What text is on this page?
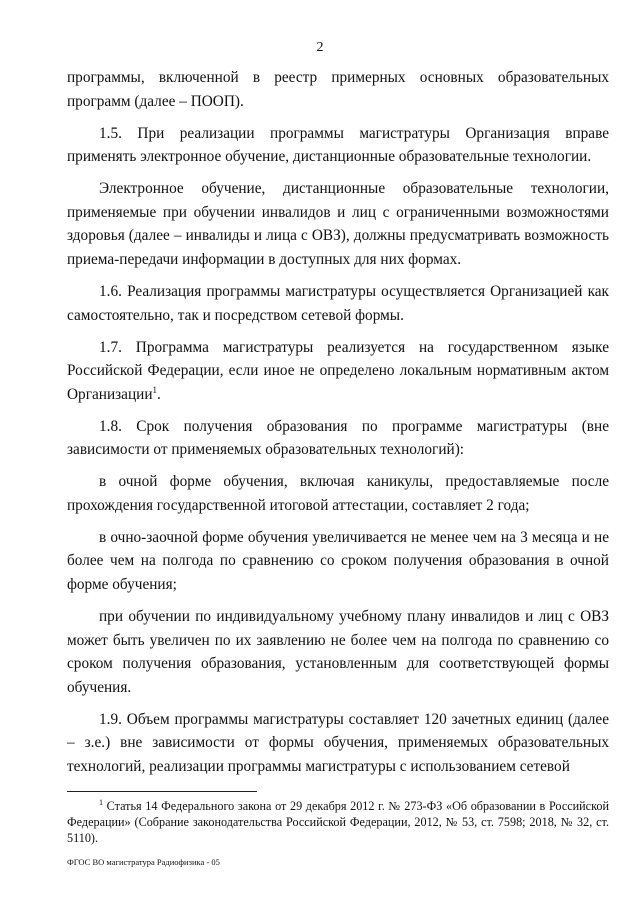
2

программы, включенной в реестр примерных основных образовательных программ (далее – ПООП).

1.5. При реализации программы магистратуры Организация вправе применять электронное обучение, дистанционные образовательные технологии.

Электронное обучение, дистанционные образовательные технологии, применяемые при обучении инвалидов и лиц с ограниченными возможностями здоровья (далее – инвалиды и лица с ОВЗ), должны предусматривать возможность приема-передачи информации в доступных для них формах.

1.6. Реализация программы магистратуры осуществляется Организацией как самостоятельно, так и посредством сетевой формы.

1.7. Программа магистратуры реализуется на государственном языке Российской Федерации, если иное не определено локальным нормативным актом Организации$^1$.

1.8. Срок получения образования по программе магистратуры (вне зависимости от применяемых образовательных технологий):

в очной форме обучения, включая каникулы, предоставляемые после прохождения государственной итоговой аттестации, составляет 2 года;

в очно-заочной форме обучения увеличивается не менее чем на 3 месяца и не более чем на полгода по сравнению со сроком получения образования в очной форме обучения;

при обучении по индивидуальному учебному плану инвалидов и лиц с ОВЗ может быть увеличен по их заявлению не более чем на полгода по сравнению со сроком получения образования, установленным для соответствующей формы обучения.

1.9. Объем программы магистратуры составляет 120 зачетных единиц (далее – з.е.) вне зависимости от формы обучения, применяемых образовательных технологий, реализации программы магистратуры с использованием сетевой

$^1$ Статья 14 Федерального закона от 29 декабря 2012 г. № 273-ФЗ «Об образовании в Российской Федерации» (Собрание законодательства Российской Федерации, 2012, № 53, ст. 7598; 2018, № 32, ст. 5110).
ФГОС ВО магистратура Радиофизика - 05
